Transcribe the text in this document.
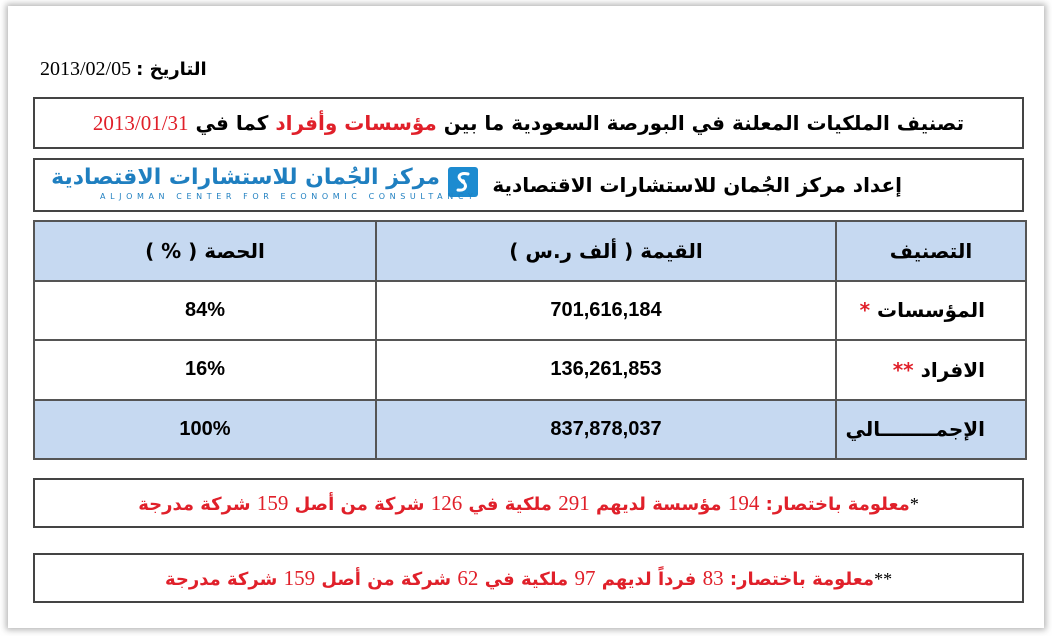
التاريخ : 2013/02/05
تصنيف الملكيات المعلنة في البورصة السعودية ما بين مؤسسات وأفراد كما في 2013/01/31
إعداد مركز الجُمان للاستشارات الاقتصادية
مركز الجُمان للاستشارات الاقتصادية
ALJOMAN CENTER FOR ECONOMIC CONSULTANCY
التصنيف	القيمة ( ألف ر.س )	الحصة ( % )
المؤسسات *	701,616,184	84%
الافراد **	136,261,853	16%
الإجمــــــــالي	837,878,037	100%
*معلومة باختصار: 194 مؤسسة لديهم 291 ملكية في 126 شركة من أصل 159 شركة مدرجة
**معلومة باختصار: 83 فرداً لديهم 97 ملكية في 62 شركة من أصل 159 شركة مدرجة
